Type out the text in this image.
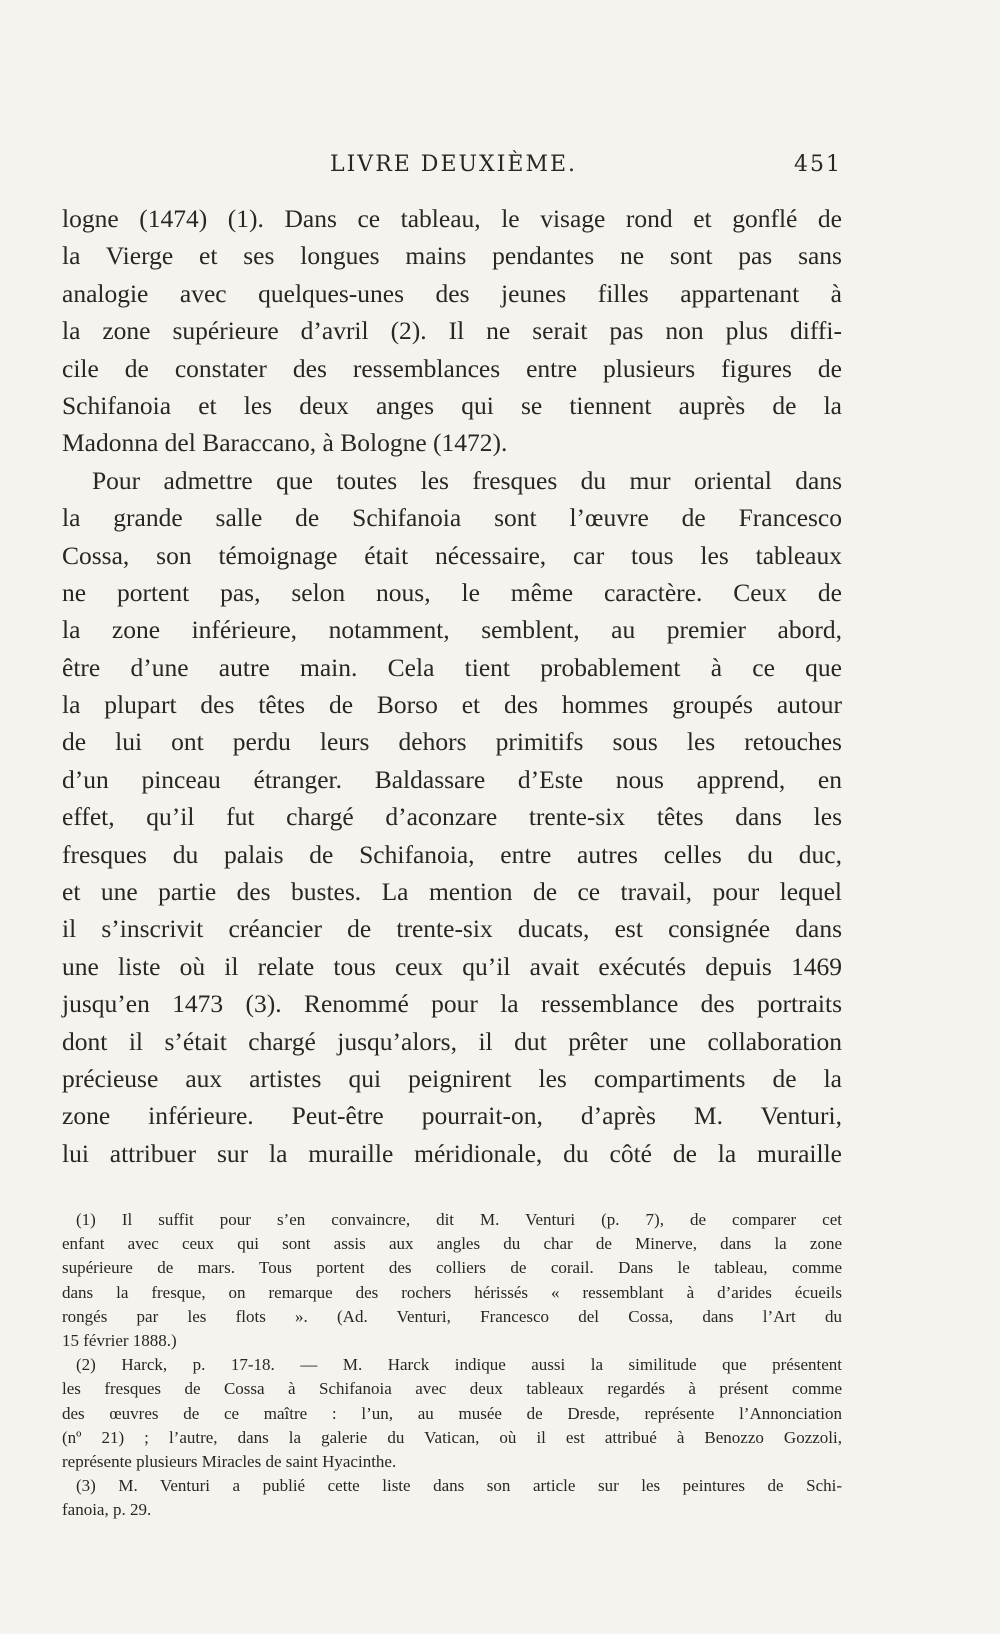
LIVRE DEUXIÈME.	451
logne (1474) (1). Dans ce tableau, le visage rond et gonflé de
la Vierge et ses longues mains pendantes ne sont pas sans
analogie avec quelques-unes des jeunes filles appartenant à
la zone supérieure d’avril (2). Il ne serait pas non plus diffi-
cile de constater des ressemblances entre plusieurs figures de
Schifanoia et les deux anges qui se tiennent auprès de la
Madonna del Baraccano, à Bologne (1472).
Pour admettre que toutes les fresques du mur oriental dans
la grande salle de Schifanoia sont l’œuvre de Francesco
Cossa, son témoignage était nécessaire, car tous les tableaux
ne portent pas, selon nous, le même caractère. Ceux de
la zone inférieure, notamment, semblent, au premier abord,
être d’une autre main. Cela tient probablement à ce que
la plupart des têtes de Borso et des hommes groupés autour
de lui ont perdu leurs dehors primitifs sous les retouches
d’un pinceau étranger. Baldassare d’Este nous apprend, en
effet, qu’il fut chargé d’aconzare trente-six têtes dans les
fresques du palais de Schifanoia, entre autres celles du duc,
et une partie des bustes. La mention de ce travail, pour lequel
il s’inscrivit créancier de trente-six ducats, est consignée dans
une liste où il relate tous ceux qu’il avait exécutés depuis 1469
jusqu’en 1473 (3). Renommé pour la ressemblance des portraits
dont il s’était chargé jusqu’alors, il dut prêter une collaboration
précieuse aux artistes qui peignirent les compartiments de la
zone inférieure. Peut-être pourrait-on, d’après M. Venturi,
lui attribuer sur la muraille méridionale, du côté de la muraille
(1) Il suffit pour s’en convaincre, dit M. Venturi (p. 7), de comparer cet
enfant avec ceux qui sont assis aux angles du char de Minerve, dans la zone
supérieure de mars. Tous portent des colliers de corail. Dans le tableau, comme
dans la fresque, on remarque des rochers hérissés « ressemblant à d’arides écueils
rongés par les flots ». (Ad. Venturi, Francesco del Cossa, dans l’Art du
15 février 1888.)
(2) Harck, p. 17-18. — M. Harck indique aussi la similitude que présentent
les fresques de Cossa à Schifanoia avec deux tableaux regardés à présent comme
des œuvres de ce maître : l’un, au musée de Dresde, représente l’Annonciation
(nº 21) ; l’autre, dans la galerie du Vatican, où il est attribué à Benozzo Gozzoli,
représente plusieurs Miracles de saint Hyacinthe.
(3) M. Venturi a publié cette liste dans son article sur les peintures de Schi-
fanoia, p. 29.
